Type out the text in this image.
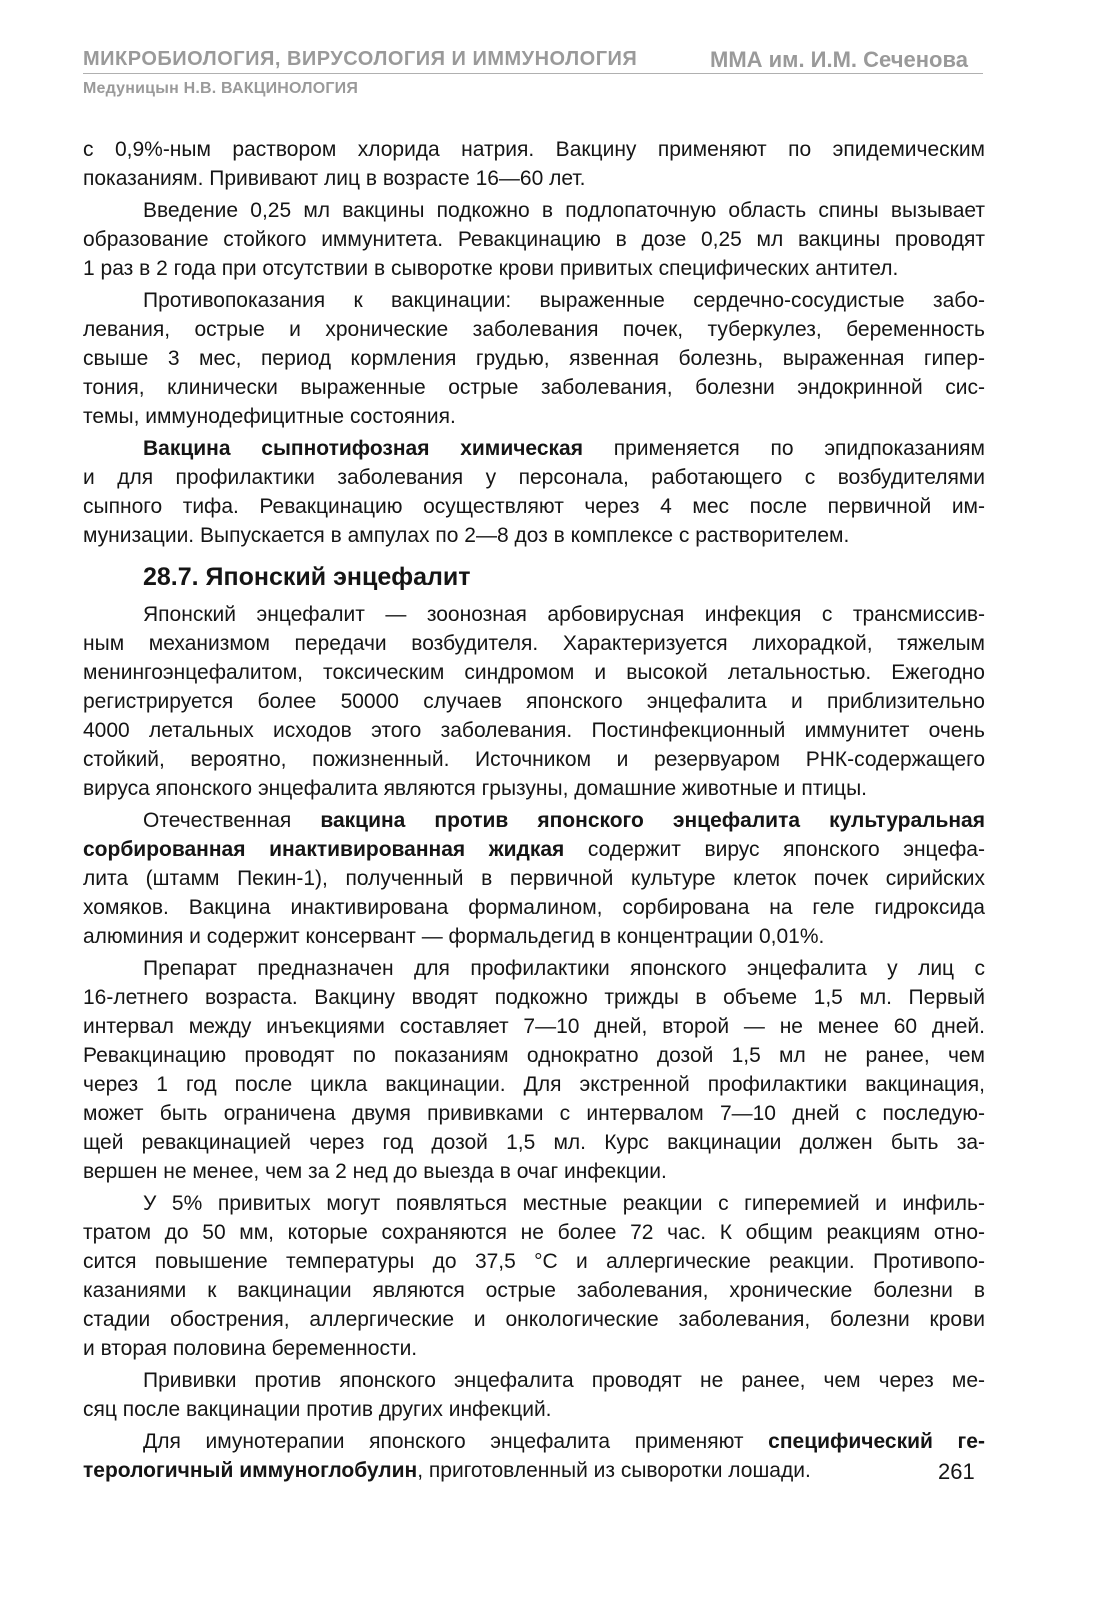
МИКРОБИОЛОГИЯ, ВИРУСОЛОГИЯ И ИММУНОЛОГИЯ	ММА им. И.М. Сеченова
Медуницын Н.В. ВАКЦИНОЛОГИЯ
с 0,9%-ным раствором хлорида натрия. Вакцину применяют по эпидемическим
показаниям. Прививают лиц в возрасте 16—60 лет.
Введение 0,25 мл вакцины подкожно в подлопаточную область спины вызывает
образование стойкого иммунитета. Ревакцинацию в дозе 0,25 мл вакцины проводят
1 раз в 2 года при отсутствии в сыворотке крови привитых специфических антител.
Противопоказания к вакцинации: выраженные сердечно-сосудистые забо-
левания, острые и хронические заболевания почек, туберкулез, беременность
свыше 3 мес, период кормления грудью, язвенная болезнь, выраженная гипер-
тония, клинически выраженные острые заболевания, болезни эндокринной сис-
темы, иммунодефицитные состояния.
Вакцина сыпнотифозная химическая применяется по эпидпоказаниям
и для профилактики заболевания у персонала, работающего с возбудителями
сыпного тифа. Ревакцинацию осуществляют через 4 мес после первичной им-
мунизации. Выпускается в ампулах по 2—8 доз в комплексе с растворителем.
28.7. Японский энцефалит
Японский энцефалит — зоонозная арбовирусная инфекция с трансмиссив-
ным механизмом передачи возбудителя. Характеризуется лихорадкой, тяжелым
менингоэнцефалитом, токсическим синдромом и высокой летальностью. Ежегодно
регистрируется более 50000 случаев японского энцефалита и приблизительно
4000 летальных исходов этого заболевания. Постинфекционный иммунитет очень
стойкий, вероятно, пожизненный. Источником и резервуаром РНК-содержащего
вируса японского энцефалита являются грызуны, домашние животные и птицы.
Отечественная вакцина против японского энцефалита культуральная
сорбированная инактивированная жидкая содержит вирус японского энцефа-
лита (штамм Пекин-1), полученный в первичной культуре клеток почек сирийских
хомяков. Вакцина инактивирована формалином, сорбирована на геле гидроксида
алюминия и содержит консервант — формальдегид в концентрации 0,01%.
Препарат предназначен для профилактики японского энцефалита у лиц с
16-летнего возраста. Вакцину вводят подкожно трижды в объеме 1,5 мл. Первый
интервал между инъекциями составляет 7—10 дней, второй — не менее 60 дней.
Ревакцинацию проводят по показаниям однократно дозой 1,5 мл не ранее, чем
через 1 год после цикла вакцинации. Для экстренной профилактики вакцинация,
может быть ограничена двумя прививками с интервалом 7—10 дней с последую-
щей ревакцинацией через год дозой 1,5 мл. Курс вакцинации должен быть за-
вершен не менее, чем за 2 нед до выезда в очаг инфекции.
У 5% привитых могут появляться местные реакции с гиперемией и инфиль-
тратом до 50 мм, которые сохраняются не более 72 час. К общим реакциям отно-
сится повышение температуры до 37,5 °С и аллергические реакции. Противопо-
казаниями к вакцинации являются острые заболевания, хронические болезни в
стадии обострения, аллергические и онкологические заболевания, болезни крови
и вторая половина беременности.
Прививки против японского энцефалита проводят не ранее, чем через ме-
сяц после вакцинации против других инфекций.
Для имунотерапии японского энцефалита применяют специфический ге-
терологичный иммуноглобулин, приготовленный из сыворотки лошади.	261
